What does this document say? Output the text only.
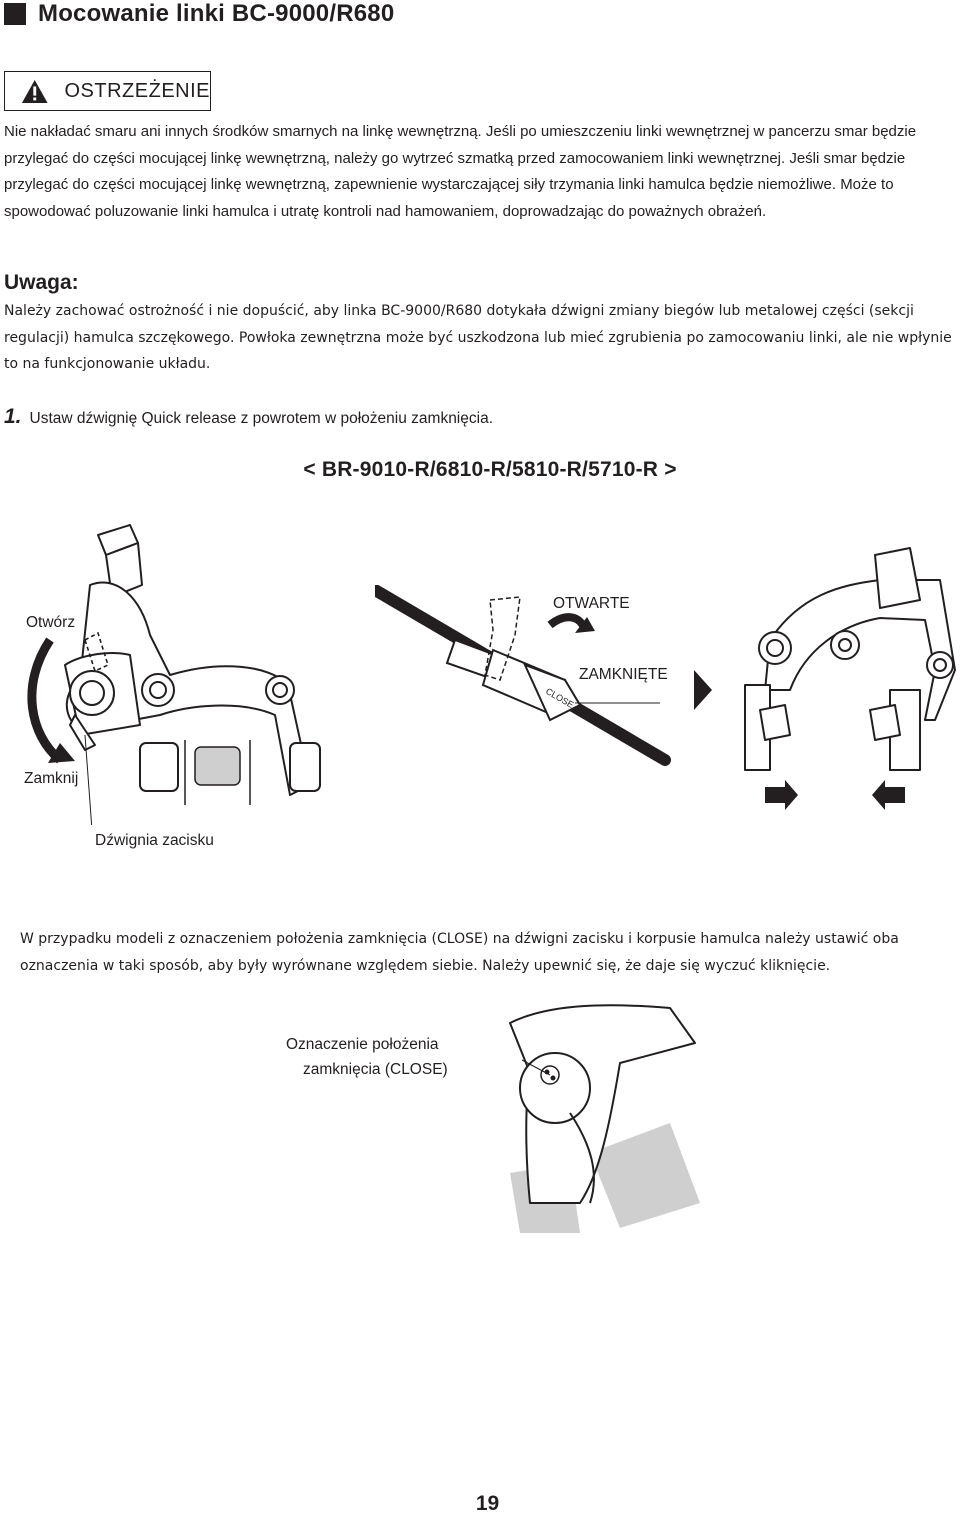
Mocowanie linki BC-9000/R680
OSTRZEŻENIE

Nie nakładać smaru ani innych środków smarnych na linkę wewnętrzną. Jeśli po umieszczeniu linki wewnętrznej w pancerzu smar będzie przylegać do części mocującej linkę wewnętrzną, należy go wytrzeć szmatką przed zamocowaniem linki wewnętrznej. Jeśli smar będzie przylegać do części mocującej linkę wewnętrzną, zapewnienie wystarczającej siły trzymania linki hamulca będzie niemożliwe. Może to spowodować poluzowanie linki hamulca i utratę kontroli nad hamowaniem, doprowadzając do poważnych obrażeń.

Uwaga:

Należy zachować ostrożność i nie dopuścić, aby linka BC-9000/R680 dotykała dźwigni zmiany biegów lub metalowej części (sekcji regulacji) hamulca szczękowego. Powłoka zewnętrzna może być uszkodzona lub mieć zgrubienia po zamocowaniu linki, ale nie wpłynie to na funkcjonowanie układu.

1. Ustaw dźwignię Quick release z powrotem w położeniu zamknięcia.
< BR-9010-R/6810-R/5810-R/5710-R >
Otwórz
Zamknij
Dźwignia zacisku
CLOSE
OTWARTE
ZAMKNIĘTE

W przypadku modeli z oznaczeniem położenia zamknięcia (CLOSE) na dźwigni zacisku i korpusie hamulca należy ustawić oba oznaczenia w taki sposób, aby były wyrównane względem siebie. Należy upewnić się, że daje się wyczuć kliknięcie.

Oznaczenie położenia
zamknięcia (CLOSE)
19
